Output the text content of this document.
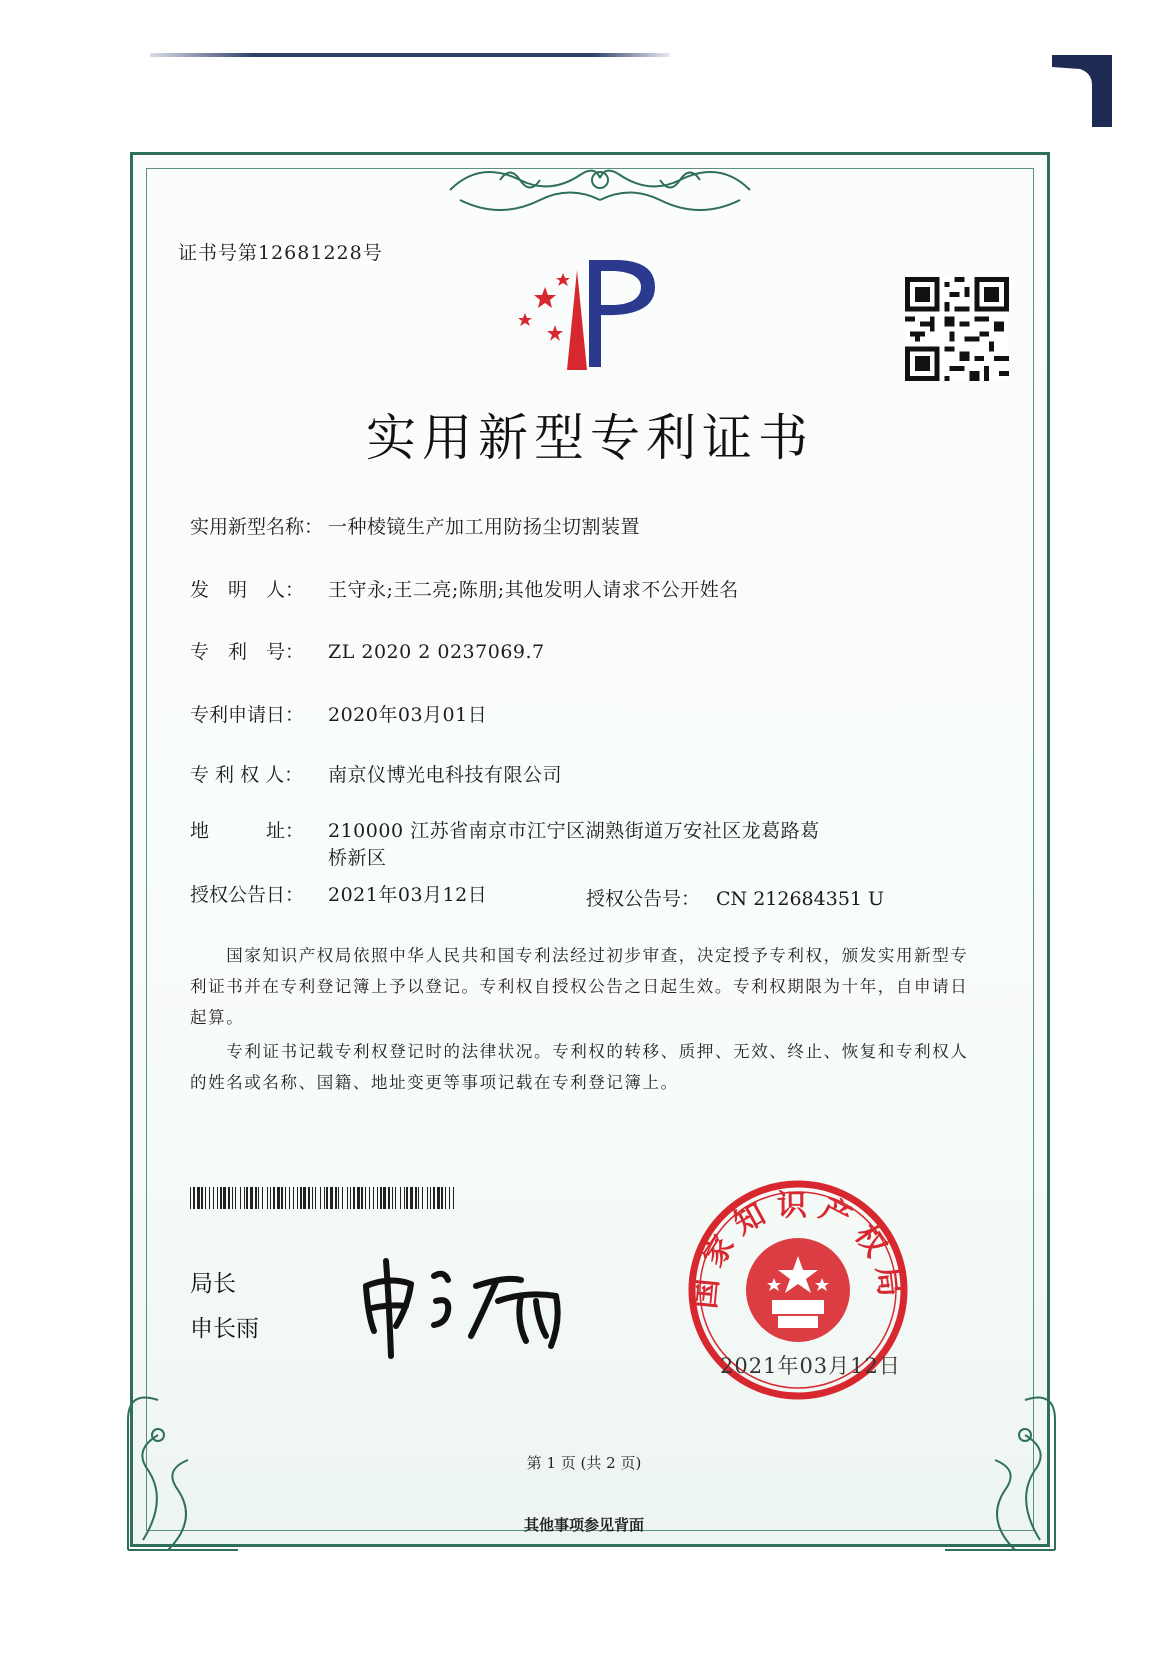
证书号第12681228号
实用新型专利证书
实用新型名称： 一种棱镜生产加工用防扬尘切割装置
发　明　人： 王守永;王二亮;陈朋;其他发明人请求不公开姓名
专　利　号： ZL 2020 2 0237069.7
专利申请日： 2020年03月01日
专 利 权 人： 南京仪博光电科技有限公司
地　　　址： 210000 江苏省南京市江宁区湖熟街道万安社区龙葛路葛
桥新区
授权公告日： 2021年03月12日	授权公告号： CN 212684351 U
国家知识产权局依照中华人民共和国专利法经过初步审查，决定授予专利权，颁发实用新型专利证书并在专利登记簿上予以登记。专利权自授权公告之日起生效。专利权期限为十年，自申请日起算。
专利证书记载专利权登记时的法律状况。专利权的转移、质押、无效、终止、恢复和专利权人的姓名或名称、国籍、地址变更等事项记载在专利登记簿上。
局长
申长雨
国家知识产权局
2021年03月12日
第 1 页 (共 2 页)
其他事项参见背面
